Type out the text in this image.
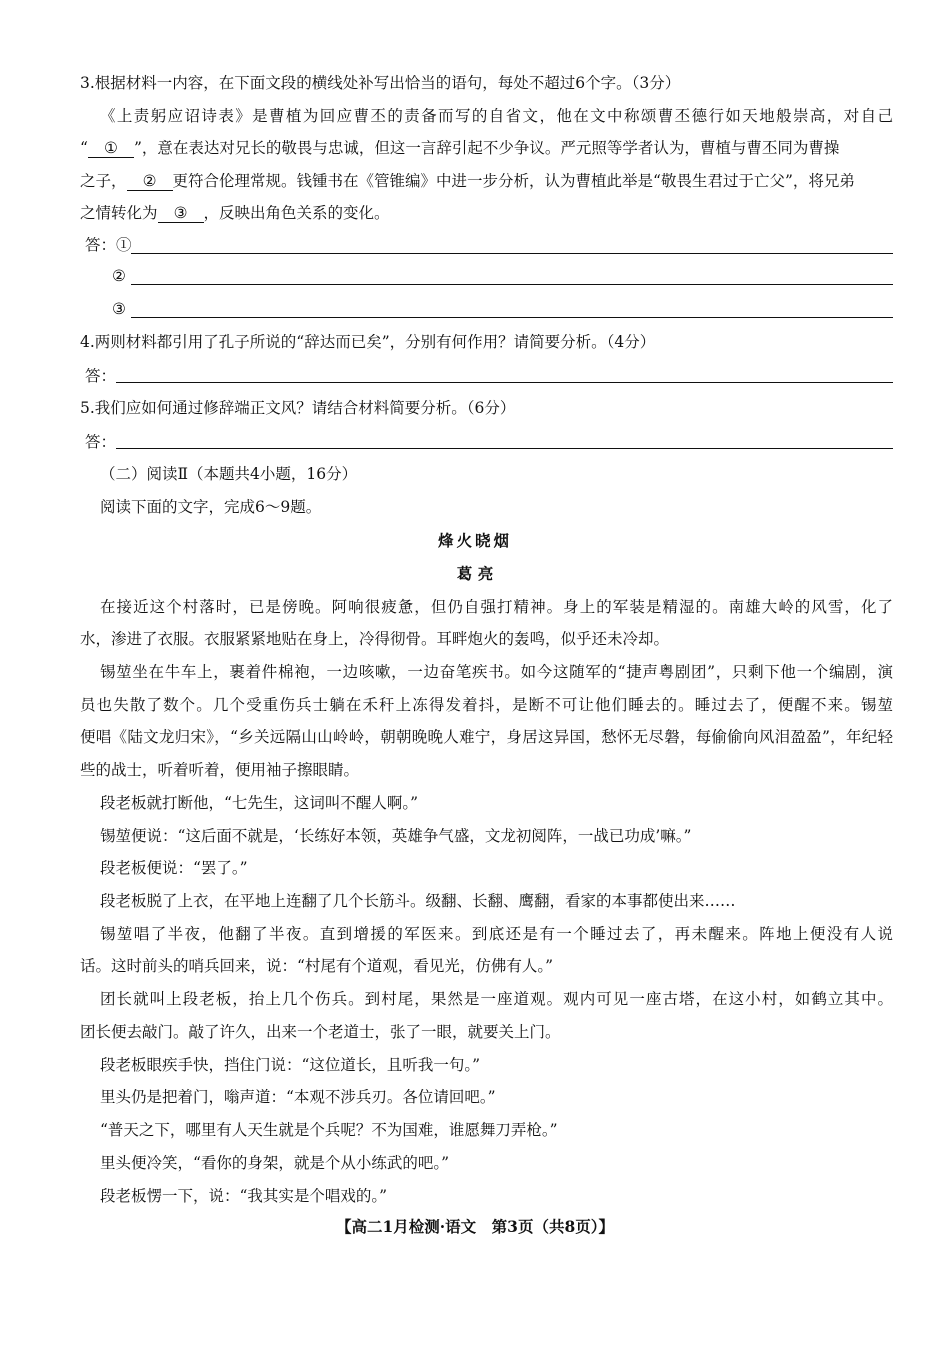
3.根据材料一内容，在下面文段的横线处补写出恰当的语句，每处不超过6个字。（3分）
《上责躬应诏诗表》是曹植为回应曹丕的责备而写的自省文，他在文中称颂曹丕德行如天地般崇高，对自己
“ ① ”，意在表达对兄长的敬畏与忠诚，但这一言辞引起不少争议。严元照等学者认为，曹植与曹丕同为曹操
之子， ② 更符合伦理常规。钱锺书在《管锥编》中进一步分析，认为曹植此举是“敬畏生君过于亡父”，将兄弟
之情转化为 ③ ，反映出角色关系的变化。
答：①
②
③
4.两则材料都引用了孔子所说的“辞达而已矣”，分别有何作用？请简要分析。（4分）
答：
5.我们应如何通过修辞端正文风？请结合材料简要分析。（6分）
答：
（二）阅读Ⅱ（本题共4小题，16分）
阅读下面的文字，完成6～9题。
烽火晓烟
葛 亮
在接近这个村落时，已是傍晚。阿响很疲惫，但仍自强打精神。身上的军装是精湿的。南雄大岭的风雪，化了
水，渗进了衣服。衣服紧紧地贴在身上，冷得彻骨。耳畔炮火的轰鸣，似乎还未冷却。
锡堃坐在牛车上，裹着件棉袍，一边咳嗽，一边奋笔疾书。如今这随军的“捷声粤剧团”，只剩下他一个编剧，演
员也失散了数个。几个受重伤兵士躺在禾秆上冻得发着抖，是断不可让他们睡去的。睡过去了，便醒不来。锡堃
便唱《陆文龙归宋》，“乡关远隔山山岭岭，朝朝晚晚人难宁，身居这异国，愁怀无尽磐，每偷偷向风泪盈盈”，年纪轻
些的战士，听着听着，便用袖子擦眼睛。
段老板就打断他，“七先生，这词叫不醒人啊。”
锡堃便说：“这后面不就是，‘长练好本领，英雄争气盛，文龙初阅阵，一战已功成’嘛。”
段老板便说：“罢了。”
段老板脱了上衣，在平地上连翻了几个长筋斗。级翻、长翻、鹰翻，看家的本事都使出来……
锡堃唱了半夜，他翻了半夜。直到增援的军医来。到底还是有一个睡过去了，再未醒来。阵地上便没有人说
话。这时前头的哨兵回来，说：“村尾有个道观，看见光，仿佛有人。”
团长就叫上段老板，抬上几个伤兵。到村尾，果然是一座道观。观内可见一座古塔，在这小村，如鹤立其中。
团长便去敲门。敲了许久，出来一个老道士，张了一眼，就要关上门。
段老板眼疾手快，挡住门说：“这位道长，且听我一句。”
里头仍是把着门，嗡声道：“本观不涉兵刃。各位请回吧。”
“普天之下，哪里有人天生就是个兵呢？不为国难，谁愿舞刀弄枪。”
里头便冷笑，“看你的身架，就是个从小练武的吧。”
段老板愣一下，说：“我其实是个唱戏的。”
【高二1月检测·语文　第3页（共8页）】
